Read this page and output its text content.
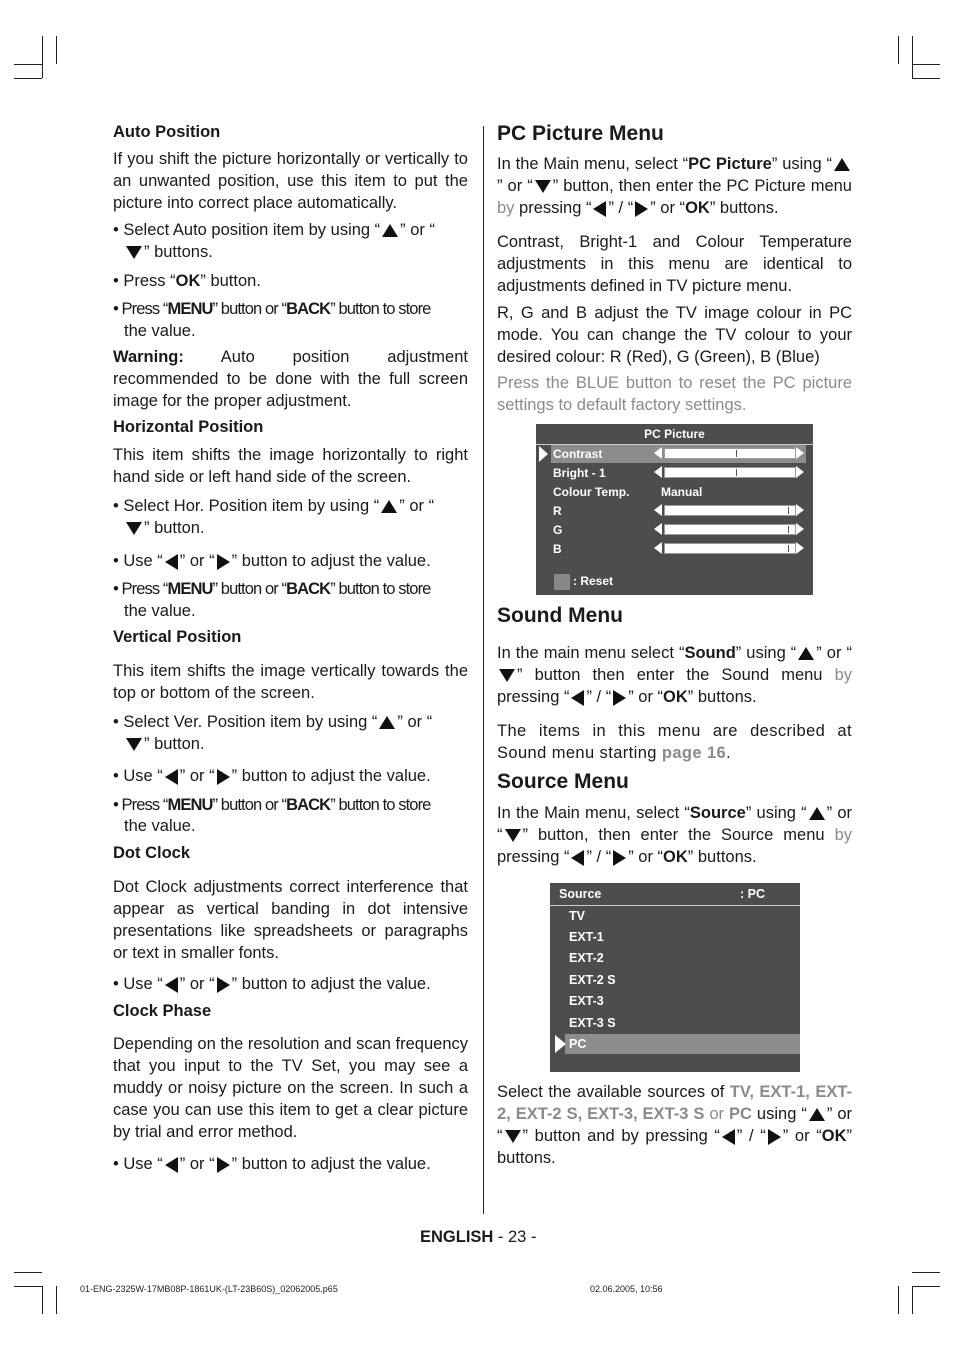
Auto Position

If you shift the picture horizontally or vertically to an unwanted position, use this item to put the picture into correct place automatically.

• Select Auto position item by using “ ” or “
” buttons.
• Press “OK” button.
• Press “MENU” button or “BACK” button to store
the value.

Warning: Auto position adjustment recommended to be done with the full screen image for the proper adjustment.

Horizontal Position

This item shifts the image horizontally to right hand side or left hand side of the screen.

• Select Hor. Position item by using “ ” or “
” button.
• Use “ ” or “ ” button to adjust the value.
• Press “MENU” button or “BACK” button to store
the value.
Vertical Position

This item shifts the image vertically towards the top or bottom of the screen.

• Select Ver. Position item by using “ ” or “
” button.
• Use “ ” or “ ” button to adjust the value.
• Press “MENU” button or “BACK” button to store
the value.
Dot Clock

Dot Clock adjustments correct interference that appear as vertical banding in dot intensive presentations like spreadsheets or paragraphs or text in smaller fonts.

• Use “ ” or “ ” button to adjust the value.
Clock Phase

Depending on the resolution and scan frequency that you input to the TV Set, you may see a muddy or noisy picture on the screen. In such a case you can use this item to get a clear picture by trial and error method.

• Use “ ” or “ ” button to adjust the value.
PC Picture Menu

In the Main menu, select “PC Picture” using “” or “ ” button, then enter the PC Picture menu by pressing “ ” / “ ” or “OK” buttons.

Contrast, Bright-1 and Colour Temperature adjustments in this menu are identical to adjustments defined in TV picture menu.

R, G and B adjust the TV image colour in PC mode. You can change the TV colour to your desired colour: R (Red), G (Green), B (Blue)

Press the BLUE button to reset the PC picture settings to default factory settings.

Sound Menu

In the main menu select “Sound” using “ ” or “” button then enter the Sound menu by pressing “ ” / “ ” or “OK” buttons.

The items in this menu are described at Sound menu starting page 16.

Source Menu

In the Main menu, select “Source” using “ ” or “ ” button, then enter the Source menu by pressing “ ” / “ ” or “OK” buttons.

Select the available sources of TV, EXT-1, EXT-2, EXT-2 S, EXT-3, EXT-3 S or PC using “ ” or “ ” button and by pressing “ ” / “ ” or “OK” buttons.

PC Picture
Contrast
Bright - 1
Colour Temp.	Manual
R
G
B
: Reset
Source	: PC
TV
EXT-1
EXT-2
EXT-2 S
EXT-3
EXT-3 S
PC
ENGLISH - 23 -
01-ENG-2325W-17MB08P-1861UK-(LT-23B60S)_02062005.p65	02.06.2005, 10:56
